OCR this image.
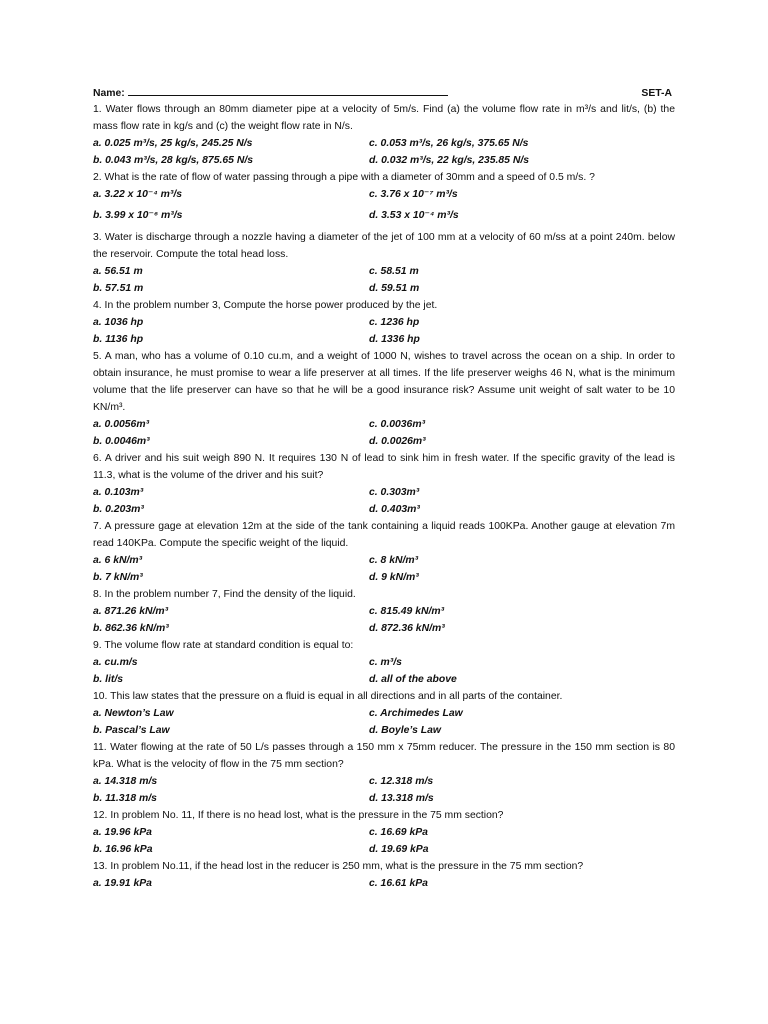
Name:	SET-A
1. Water flows through an 80mm diameter pipe at a velocity of 5m/s. Find (a) the volume flow rate in m³/s and lit/s, (b) the mass flow rate in kg/s and (c) the weight flow rate in N/s.
a. 0.025 m³/s, 25 kg/s, 245.25 N/s	c. 0.053 m³/s, 26 kg/s, 375.65 N/s
b. 0.043 m³/s, 28 kg/s, 875.65 N/s	d. 0.032 m³/s, 22 kg/s, 235.85 N/s
2. What is the rate of flow of water passing through a pipe with a diameter of 30mm and a speed of 0.5 m/s. ?
a. 3.22 x 10⁻⁴ m³/s	c. 3.76 x 10⁻⁷ m³/s
b. 3.99 x 10⁻⁶ m³/s	d. 3.53 x 10⁻⁴ m³/s
3. Water is discharge through a nozzle having a diameter of the jet of 100 mm at a velocity of 60 m/ss at a point 240m. below the reservoir. Compute the total head loss.
a. 56.51 m	c. 58.51 m
b. 57.51 m	d. 59.51 m
4. In the problem number 3, Compute the horse power produced by the jet.
a. 1036 hp	c. 1236 hp
b. 1136 hp	d. 1336 hp
5. A man, who has a volume of 0.10 cu.m, and a weight of 1000 N, wishes to travel across the ocean on a ship. In order to obtain insurance, he must promise to wear a life preserver at all times. If the life preserver weighs 46 N, what is the minimum volume that the life preserver can have so that he will be a good insurance risk? Assume unit weight of salt water to be 10 KN/m³.
a. 0.0056m³	c. 0.0036m³
b. 0.0046m³	d. 0.0026m³
6. A driver and his suit weigh 890 N. It requires 130 N of lead to sink him in fresh water. If the specific gravity of the lead is 11.3, what is the volume of the driver and his suit?
a. 0.103m³	c. 0.303m³
b. 0.203m³	d. 0.403m³
7. A pressure gage at elevation 12m at the side of the tank containing a liquid reads 100KPa. Another gauge at elevation 7m read 140KPa. Compute the specific weight of the liquid.
a. 6 kN/m³	c. 8 kN/m³
b. 7 kN/m³	d. 9 kN/m³
8. In the problem number 7, Find the density of the liquid.
a. 871.26 kN/m³	c. 815.49 kN/m³
b. 862.36 kN/m³	d. 872.36 kN/m³
9. The volume flow rate at standard condition is equal to:
a. cu.m/s	c. m³/s
b. lit/s	d. all of the above
10. This law states that the pressure on a fluid is equal in all directions and in all parts of the container.
a. Newton’s Law	c. Archimedes Law
b. Pascal’s Law	d. Boyle’s Law
11. Water flowing at the rate of 50 L/s passes through a 150 mm x 75mm reducer. The pressure in the 150 mm section is 80 kPa. What is the velocity of flow in the 75 mm section?
a. 14.318 m/s	c. 12.318 m/s
b. 11.318 m/s	d. 13.318 m/s
12. In problem No. 11, If there is no head lost, what is the pressure in the 75 mm section?
a. 19.96 kPa	c. 16.69 kPa
b. 16.96 kPa	d. 19.69 kPa
13. In problem No.11, if the head lost in the reducer is 250 mm, what is the pressure in the 75 mm section?
a. 19.91 kPa	c. 16.61 kPa
